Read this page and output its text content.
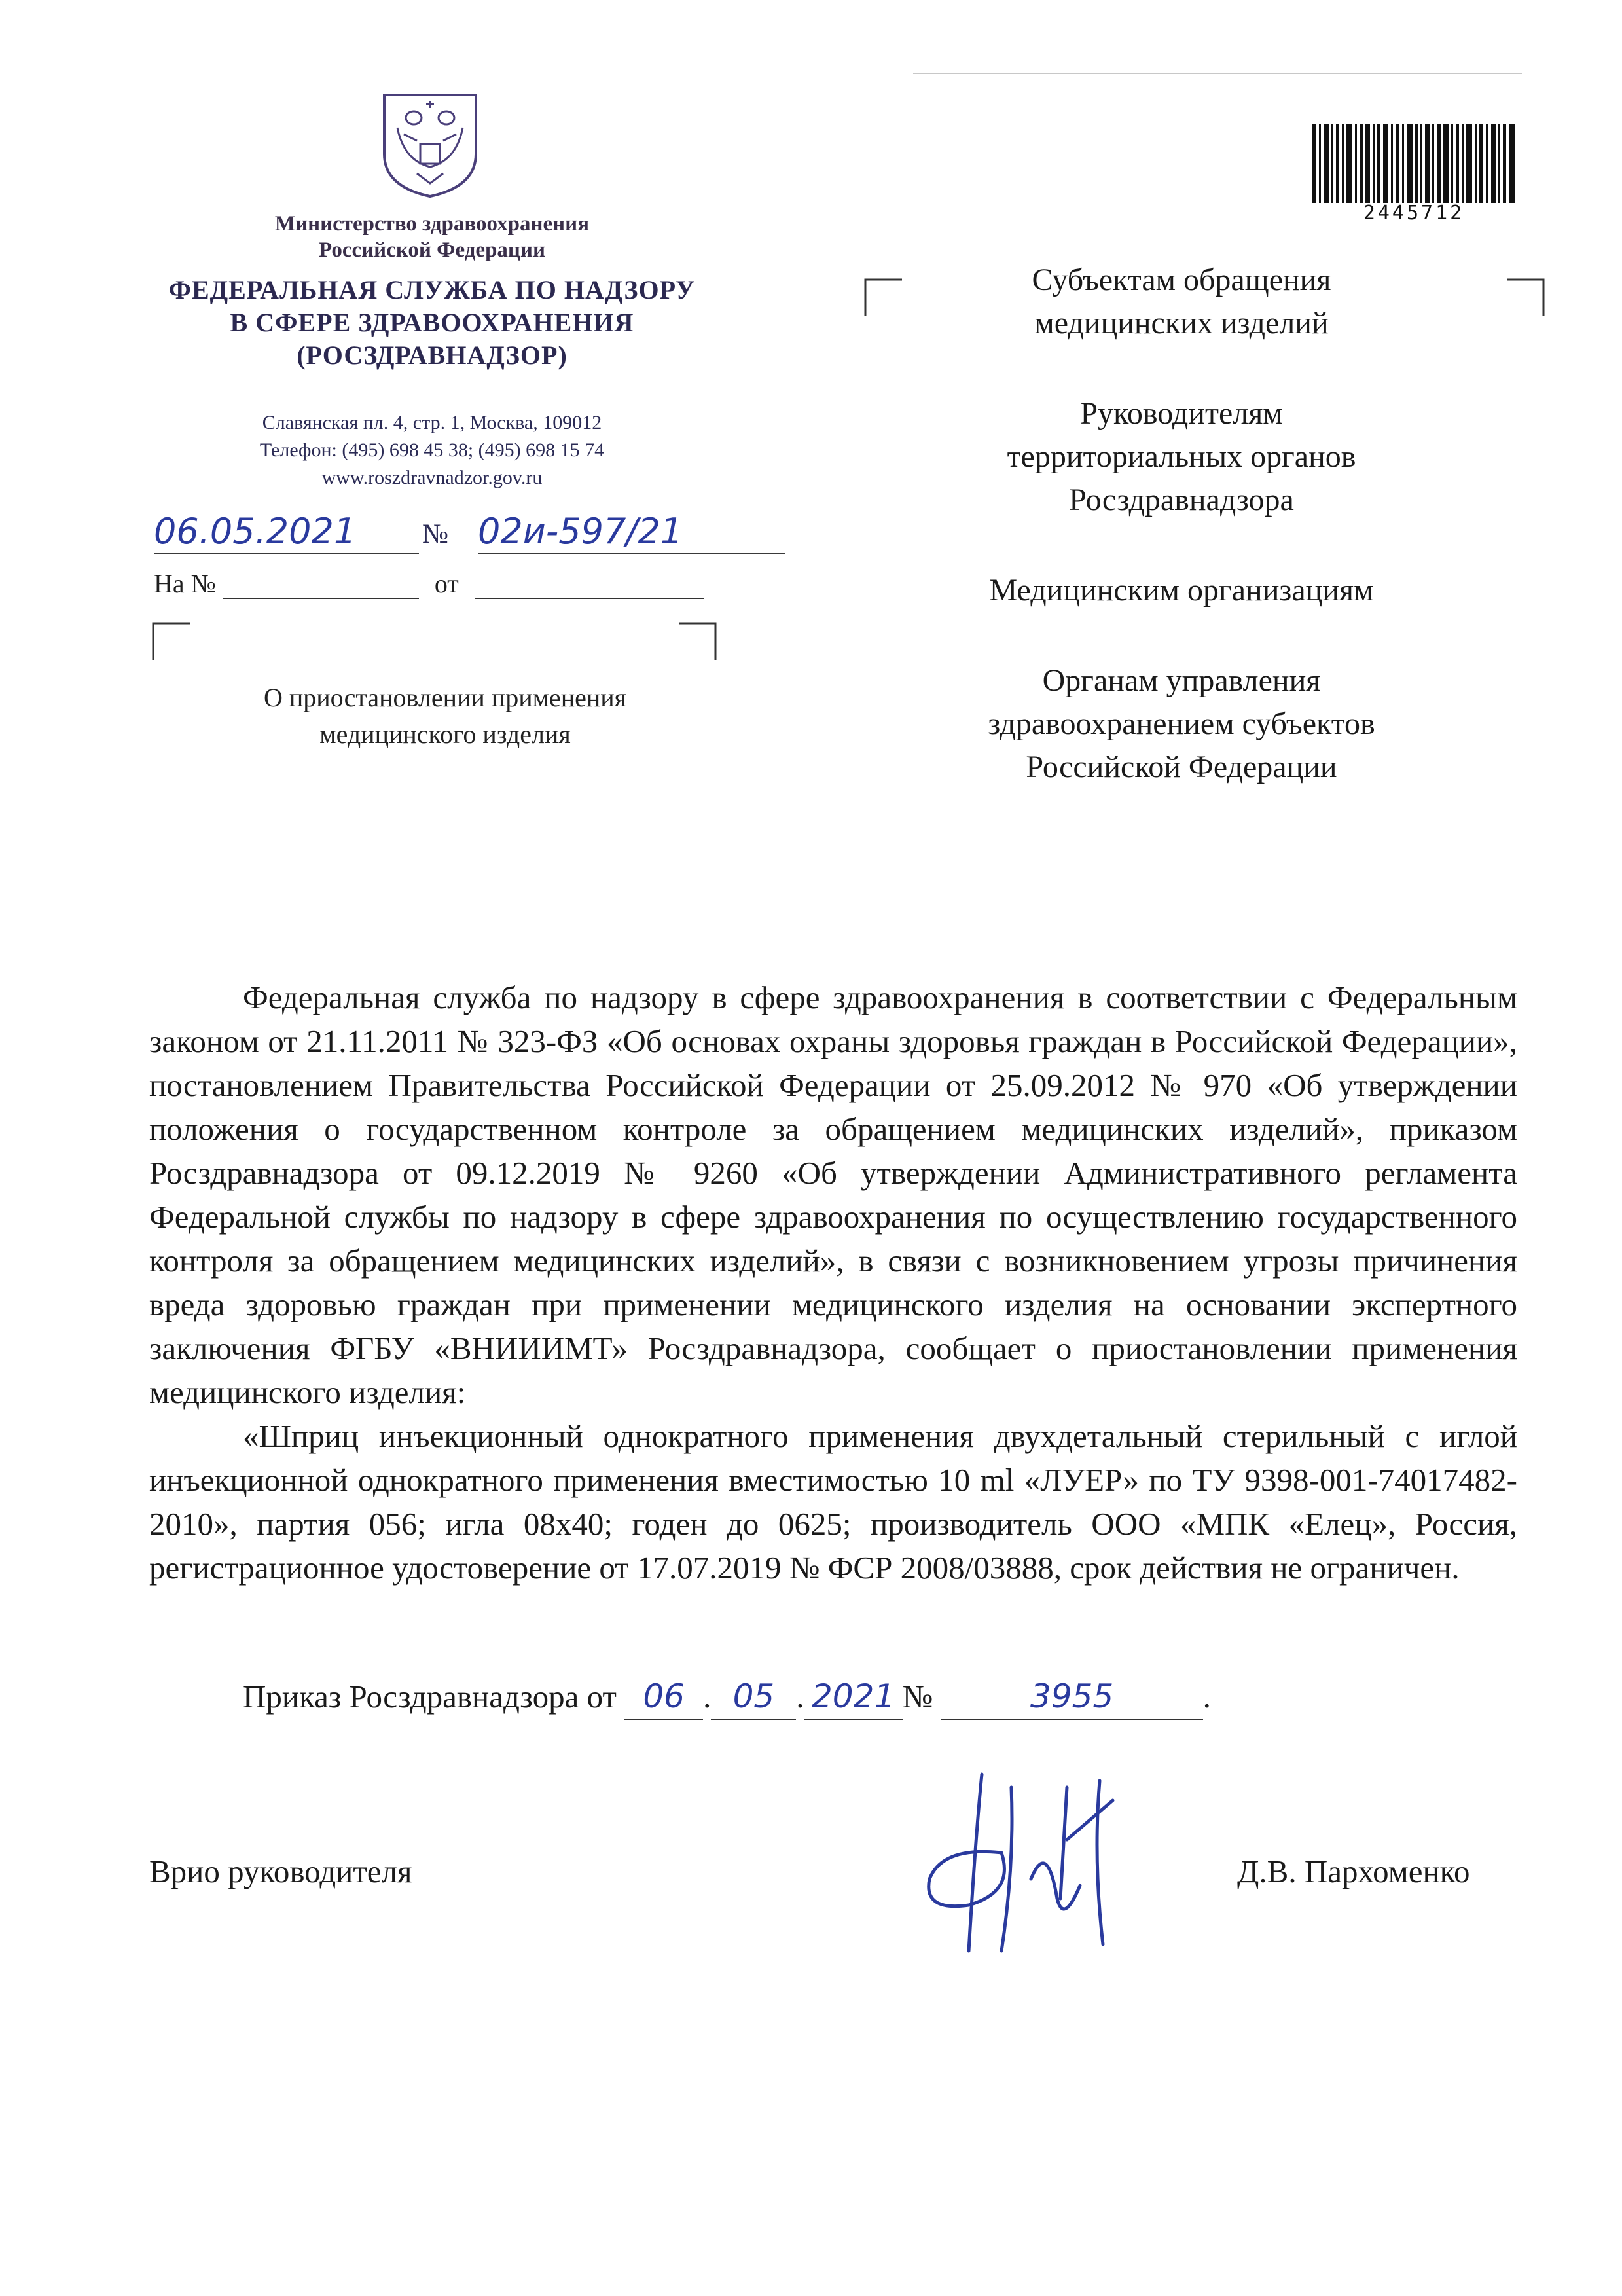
Министерство здравоохранения
Российской Федерации
ФЕДЕРАЛЬНАЯ СЛУЖБА ПО НАДЗОРУ
В СФЕРЕ ЗДРАВООХРАНЕНИЯ
(РОСЗДРАВНАДЗОР)
Славянская пл. 4, стр. 1, Москва, 109012
Телефон: (495) 698 45 38; (495) 698 15 74
www.roszdravnadzor.gov.ru
06.05.2021	№ 02и-597/21
На №	от
О приостановлении применения
медицинского изделия
2445712
Субъектам обращения
медицинских изделий
Руководителям
территориальных органов
Росздравнадзора
Медицинским организациям
Органам управления
здравоохранением субъектов
Российской Федерации

Федеральная служба по надзору в сфере здравоохранения в соответствии с Федеральным законом от 21.11.2011 № 323-ФЗ «Об основах охраны здоровья граждан в Российской Федерации», постановлением Правительства Российской Федерации от 25.09.2012 № 970 «Об утверждении положения о государственном контроле за обращением медицинских изделий», приказом Росздравнадзора от 09.12.2019 № 9260 «Об утверждении Административного регламента Федеральной службы по надзору в сфере здравоохранения по осуществлению государственного контроля за обращением медицинских изделий», в связи с возникновением угрозы причинения вреда здоровью граждан при применении медицинского изделия на основании экспертного заключения ФГБУ «ВНИИИМТ» Росздравнадзора, сообщает о приостановлении применения медицинского изделия:

«Шприц инъекционный однократного применения двухдетальный стерильный с иглой инъекционной однократного применения вместимостью 10 ml «ЛУЕР» по ТУ 9398-001-74017482-2010», партия 056; игла 08х40; годен до 0625; производитель ООО «МПК «Елец», Россия, регистрационное удостоверение от 17.07.2019 № ФСР 2008/03888, срок действия не ограничен.

Приказ Росздравнадзора от 06 . 05 . 2021 №	3955	.
Врио руководителя	Д.В. Пархоменко
